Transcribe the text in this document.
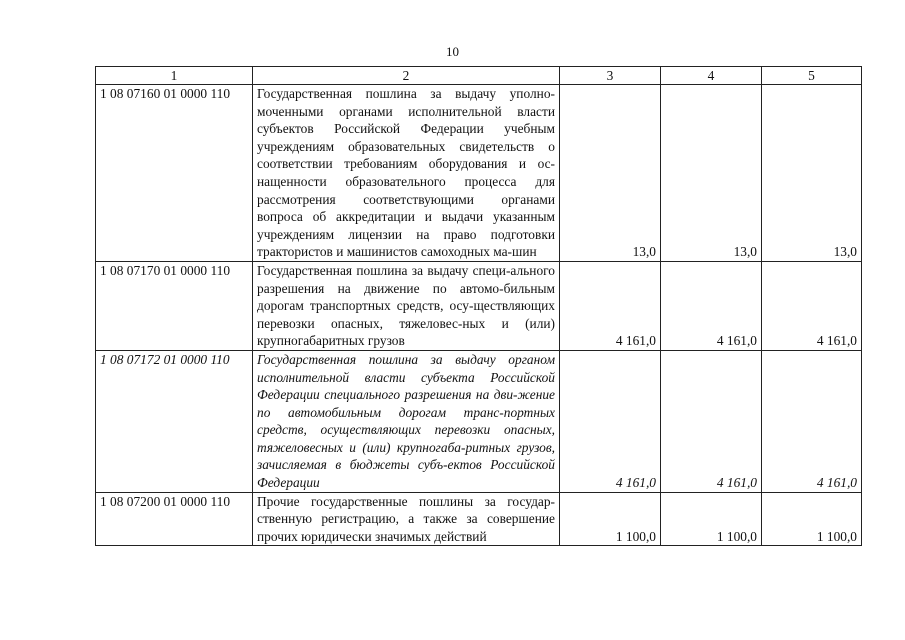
10
1	2	3	4	5
1 08 07160 01 0000 110	Государственная пошлина за выдачу уполно-моченными органами исполнительной власти субъектов Российской Федерации учебным учреждениям образовательных свидетельств о соответствии требованиям оборудования и ос-нащенности образовательного процесса для рассмотрения соответствующими органами вопроса об аккредитации и выдачи указанным учреждениям лицензии на право подготовки трактористов и машинистов самоходных ма-шин	13,0	13,0	13,0
1 08 07170 01 0000 110	Государственная пошлина за выдачу специ-ального разрешения на движение по автомо-бильным дорогам транспортных средств, осу-ществляющих перевозки опасных, тяжеловес-ных и (или) крупногабаритных грузов	4 161,0	4 161,0	4 161,0
1 08 07172 01 0000 110	Государственная пошлина за выдачу органом исполнительной власти субъекта Российской Федерации специального разрешения на дви-жение по автомобильным дорогам транс-портных средств, осуществляющих перевозки опасных, тяжеловесных и (или) крупногаба-ритных грузов, зачисляемая в бюджеты субъ-ектов Российской Федерации	4 161,0	4 161,0	4 161,0
1 08 07200 01 0000 110	Прочие государственные пошлины за государ-ственную регистрацию, а также за совершение прочих юридически значимых действий	1 100,0	1 100,0	1 100,0
